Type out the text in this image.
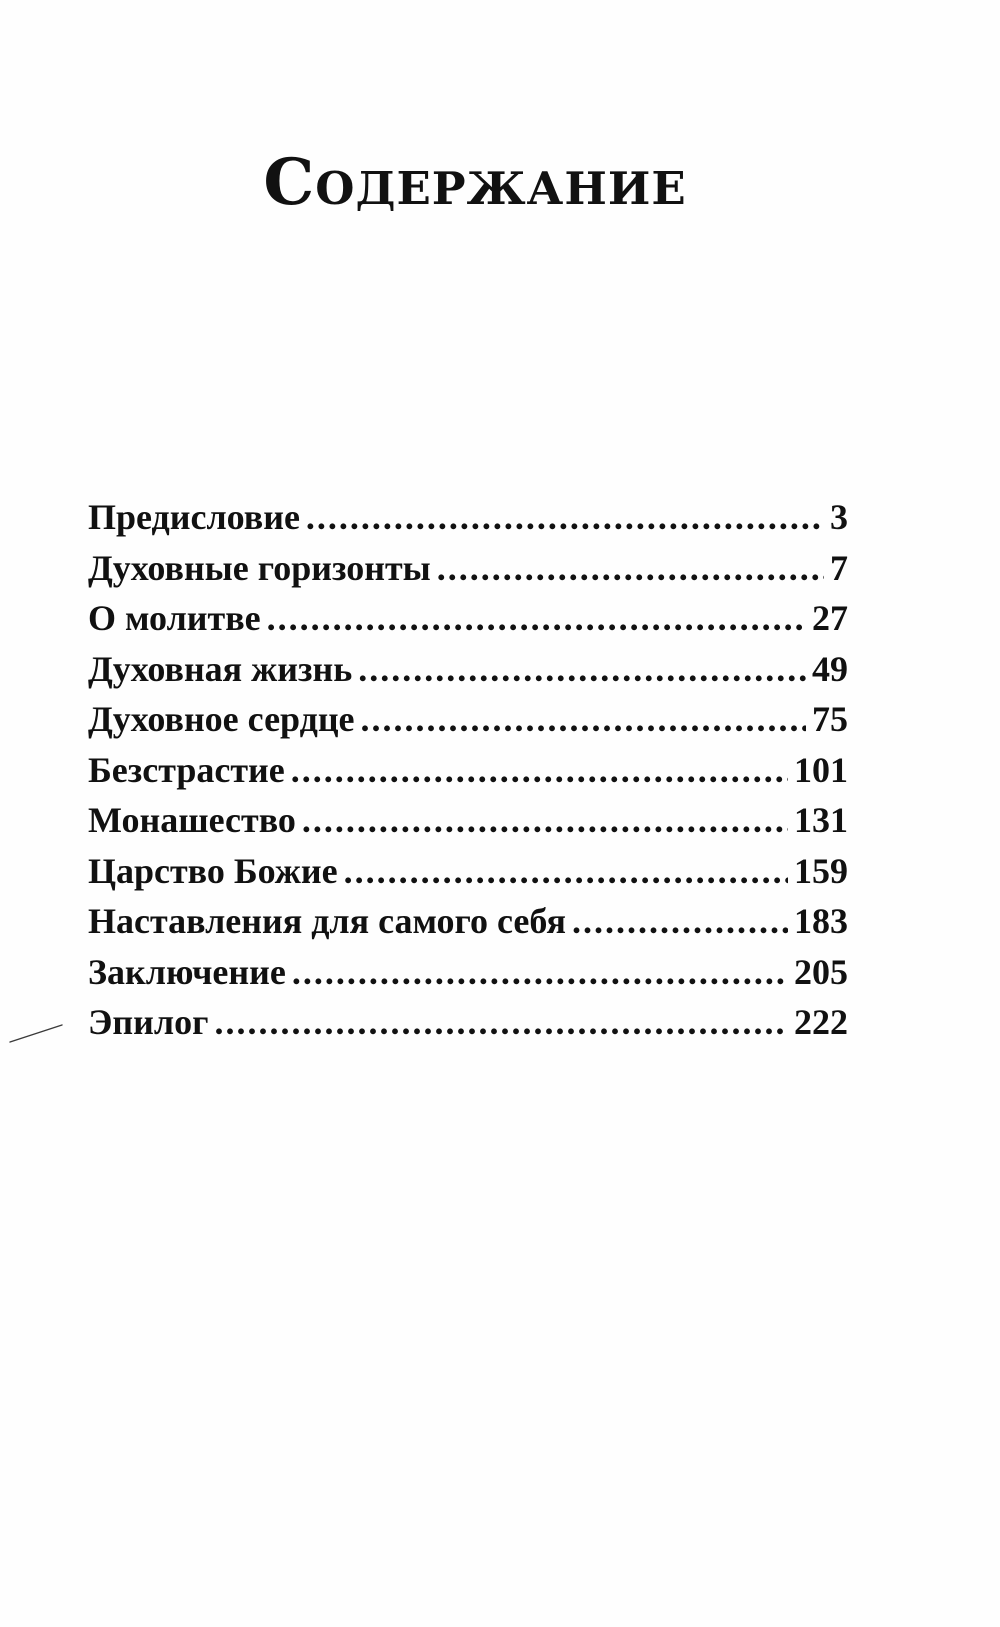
Содержание
Предисловие .....	3
Духовные горизонты .....	7
О молитве .....	27
Духовная жизнь .....	49
Духовное сердце .....	75
Безстрастие .....	101
Монашество .....	131
Царство Божие .....	159
Наставления для самого себя .....	183
Заключение .....	205
Эпилог .....	222
